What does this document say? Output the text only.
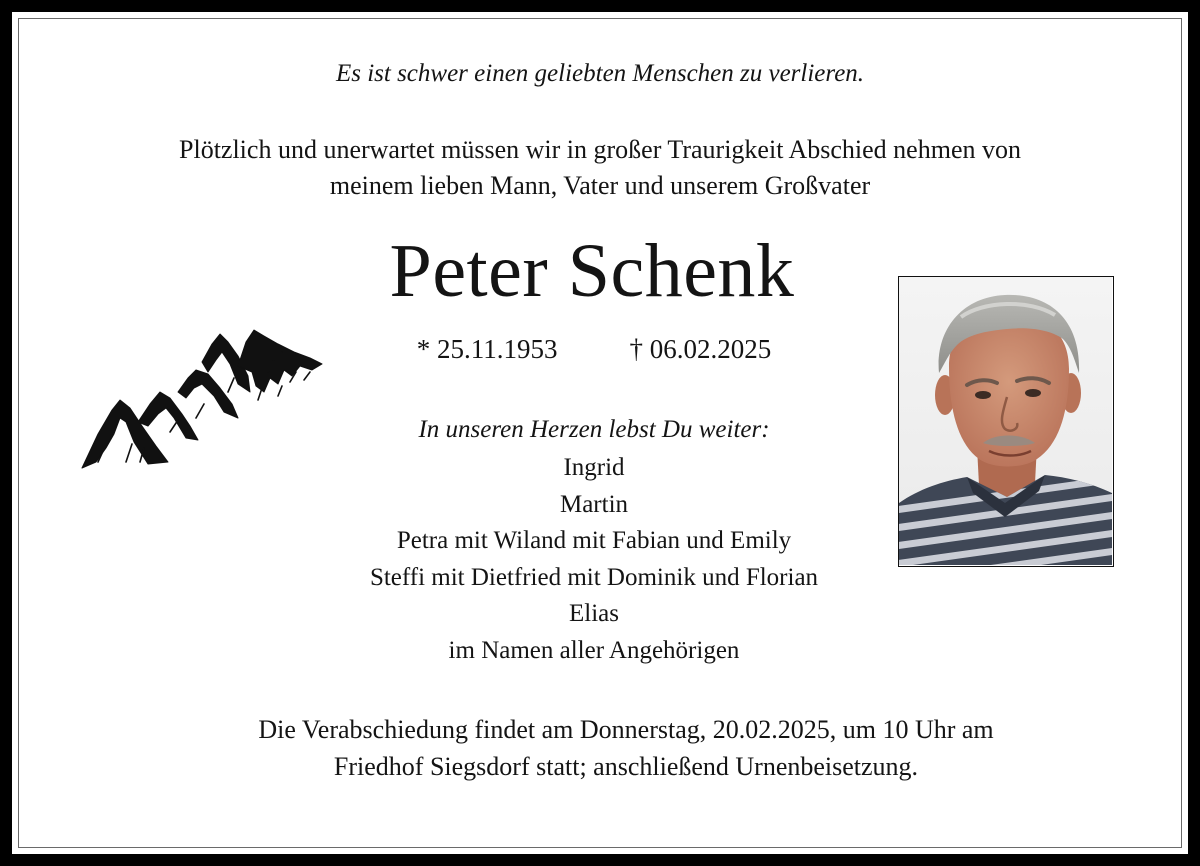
Es ist schwer einen geliebten Menschen zu verlieren.
Plötzlich und unerwartet müssen wir in großer Traurigkeit Abschied nehmen von
meinem lieben Mann, Vater und unserem Großvater
Peter Schenk
* 25.11.1953	† 06.02.2025
In unseren Herzen lebst Du weiter:
Ingrid
Martin
Petra mit Wiland mit Fabian und Emily
Steffi mit Dietfried mit Dominik und Florian
Elias
im Namen aller Angehörigen
Die Verabschiedung findet am Donnerstag, 20.02.2025, um 10 Uhr am
Friedhof Siegsdorf statt; anschließend Urnenbeisetzung.
